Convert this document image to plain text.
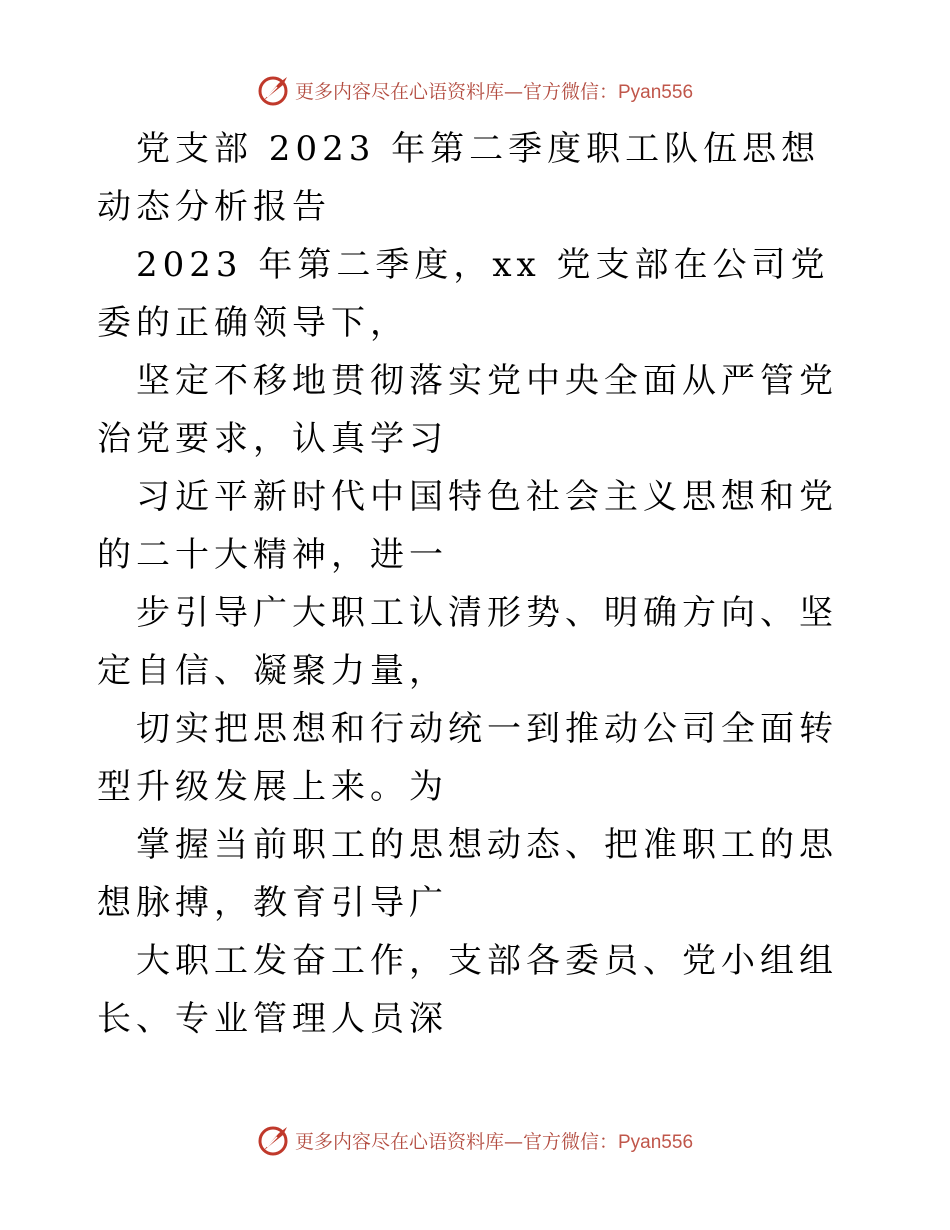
更多内容尽在心语资料库—官方微信：Pyan556

党支部 2023 年第二季度职工队伍思想动态分析报告

2023 年第二季度，xx 党支部在公司党委的正确领导下，

坚定不移地贯彻落实党中央全面从严管党治党要求，认真学习

习近平新时代中国特色社会主义思想和党的二十大精神，进一

步引导广大职工认清形势、明确方向、坚定自信、凝聚力量，

切实把思想和行动统一到推动公司全面转型升级发展上来。为

掌握当前职工的思想动态、把准职工的思想脉搏，教育引导广

大职工发奋工作，支部各委员、党小组组长、专业管理人员深

更多内容尽在心语资料库—官方微信：Pyan556
